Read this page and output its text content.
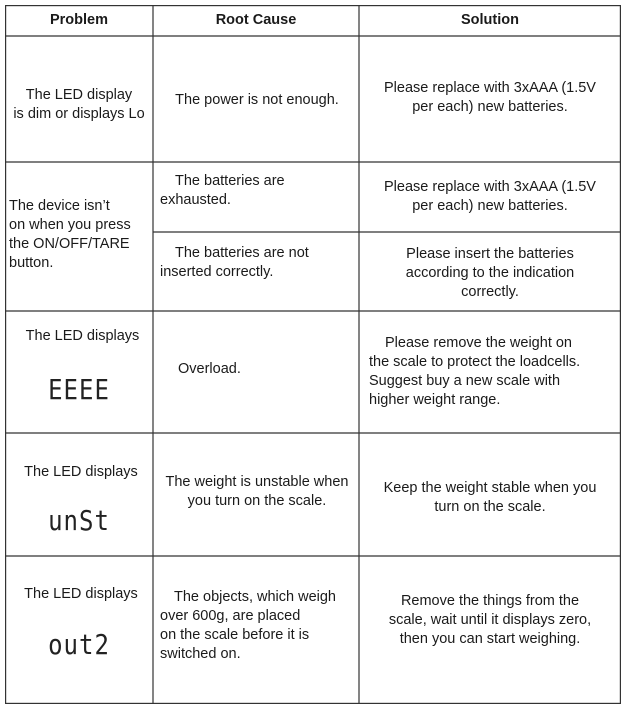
Problem	Root Cause	Solution
The LED display
is dim or displays Lo
The power is not enough.
Please replace with 3xAAA (1.5V
per each) new batteries.
The device isn’t
on when you press
the ON/OFF/TARE
button.
The batteries are
exhausted.
Please replace with 3xAAA (1.5V
per each) new batteries.
The batteries are not
inserted correctly.
Please insert the batteries
according to the indication
correctly.
The LED displays

EEEE

Overload.
Please remove the weight on
the scale to protect the loadcells.
Suggest buy a new scale with
higher weight range.
The LED displays

unSt

The weight is unstable when
you turn on the scale.
Keep the weight stable when you
turn on the scale.
The LED displays

out2

The objects, which weigh
over 600g, are placed
on the scale before it is
switched on.
Remove the things from the
scale, wait until it displays zero,
then you can start weighing.
